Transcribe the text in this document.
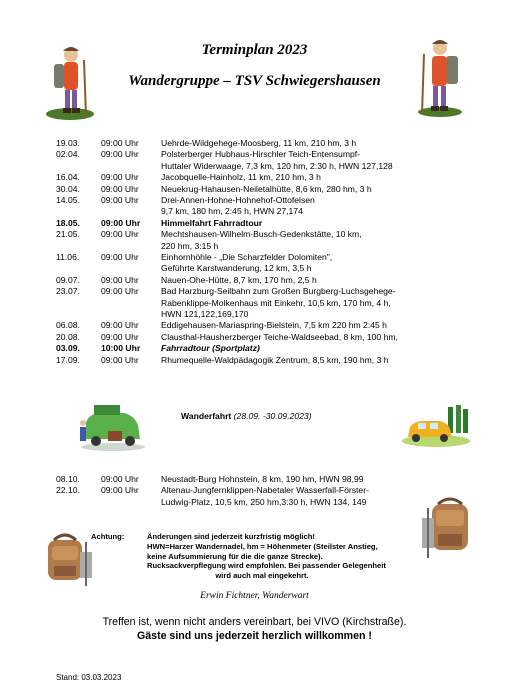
Terminplan 2023
Wandergruppe – TSV Schwiegershausen
19.03. 09:00 Uhr	Uehrde-Wildgehege-Moosberg, 11 km, 210 hm, 3 h
02.04. 09:00 Uhr	Polsterberger Hubhaus-Hirschler Teich-Entensumpf-
Huttaler Widerwaage, 7,3 km, 120 hm, 2:30 h, HWN 127,128
16.04. 09:00 Uhr	Jacobquelle-Hainholz, 11 km, 210 hm, 3 h
30.04. 09:00 Uhr	Neuekrug-Hahausen-Neiletalhütte, 8,6 km, 280 hm, 3 h
14.05. 09:00 Uhr	Drei-Annen-Hohne-Hohnehof-Ottofelsen
9,7 km, 180 hm, 2:45 h, HWN 27,174
18.05. 09:00 Uhr Himmelfahrt Fahrradtour
21.05. 09:00 Uhr	Mechtshausen-Wilhelm-Busch-Gedenkstätte, 10 km,
220 hm, 3:15 h
11.06.	09:00 Uhr	Einhornhöhle - „Die Scharzfelder Dolomiten",
Geführte Karstwanderung, 12 km, 3,5 h
09.07. 09:00 Uhr	Nauen-Ohe-Hütte, 8,7 km, 170 hm, 2,5 h
23.07. 09:00 Uhr	Bad Harzburg-Seilbahn zum Großen Burgberg-Luchsgehege-
Rabenklippe-Molkenhaus mit Einkehr, 10,5 km, 170 hm, 4 h,
HWN 121,122,169,170
06.08. 09:00 Uhr	Eddigehausen-Mariaspring-Bielstein, 7,5 km 220 hm 2:45 h
20.08. 09:00 Uhr	Clausthal-Hausherzberger Teiche-Waldseebad, 8 km, 100 hm,
03.09. 10:00 Uhr Fahrradtour (Sportplatz)
17.09. 09:00 Uhr	Rhumequelle-Waldpädagogik Zentrum, 8,5 km, 190 hm, 3 h
Wanderfahrt (28.09. -30.09.2023)
08.10. 09:00 Uhr	Neustadt-Burg Hohnstein, 8 km, 190 hm, HWN 98,99
22.10. 09:00 Uhr	Altenau-Jungfernklippen-Nabetaler Wasserfall-Förster-
Ludwig-Platz, 10,5 km, 250 hm,3:30 h, HWN 134, 149
Achtung:	Änderungen sind jederzeit kurzfristig möglich!
HWN=Harzer Wandernadel, hm = Höhenmeter (Steilster Anstieg,
keine Aufsummierung für die die ganze Strecke).
Rucksackverpflegung wird empfohlen. Bei passender Gelegenheit
wird auch mal eingekehrt.
Erwin Fichtner, Wanderwart
Treffen ist, wenn nicht anders vereinbart, bei VIVO (Kirchstraße).
Gäste sind uns jederzeit herzlich willkommen !
Stand: 03.03.2023
